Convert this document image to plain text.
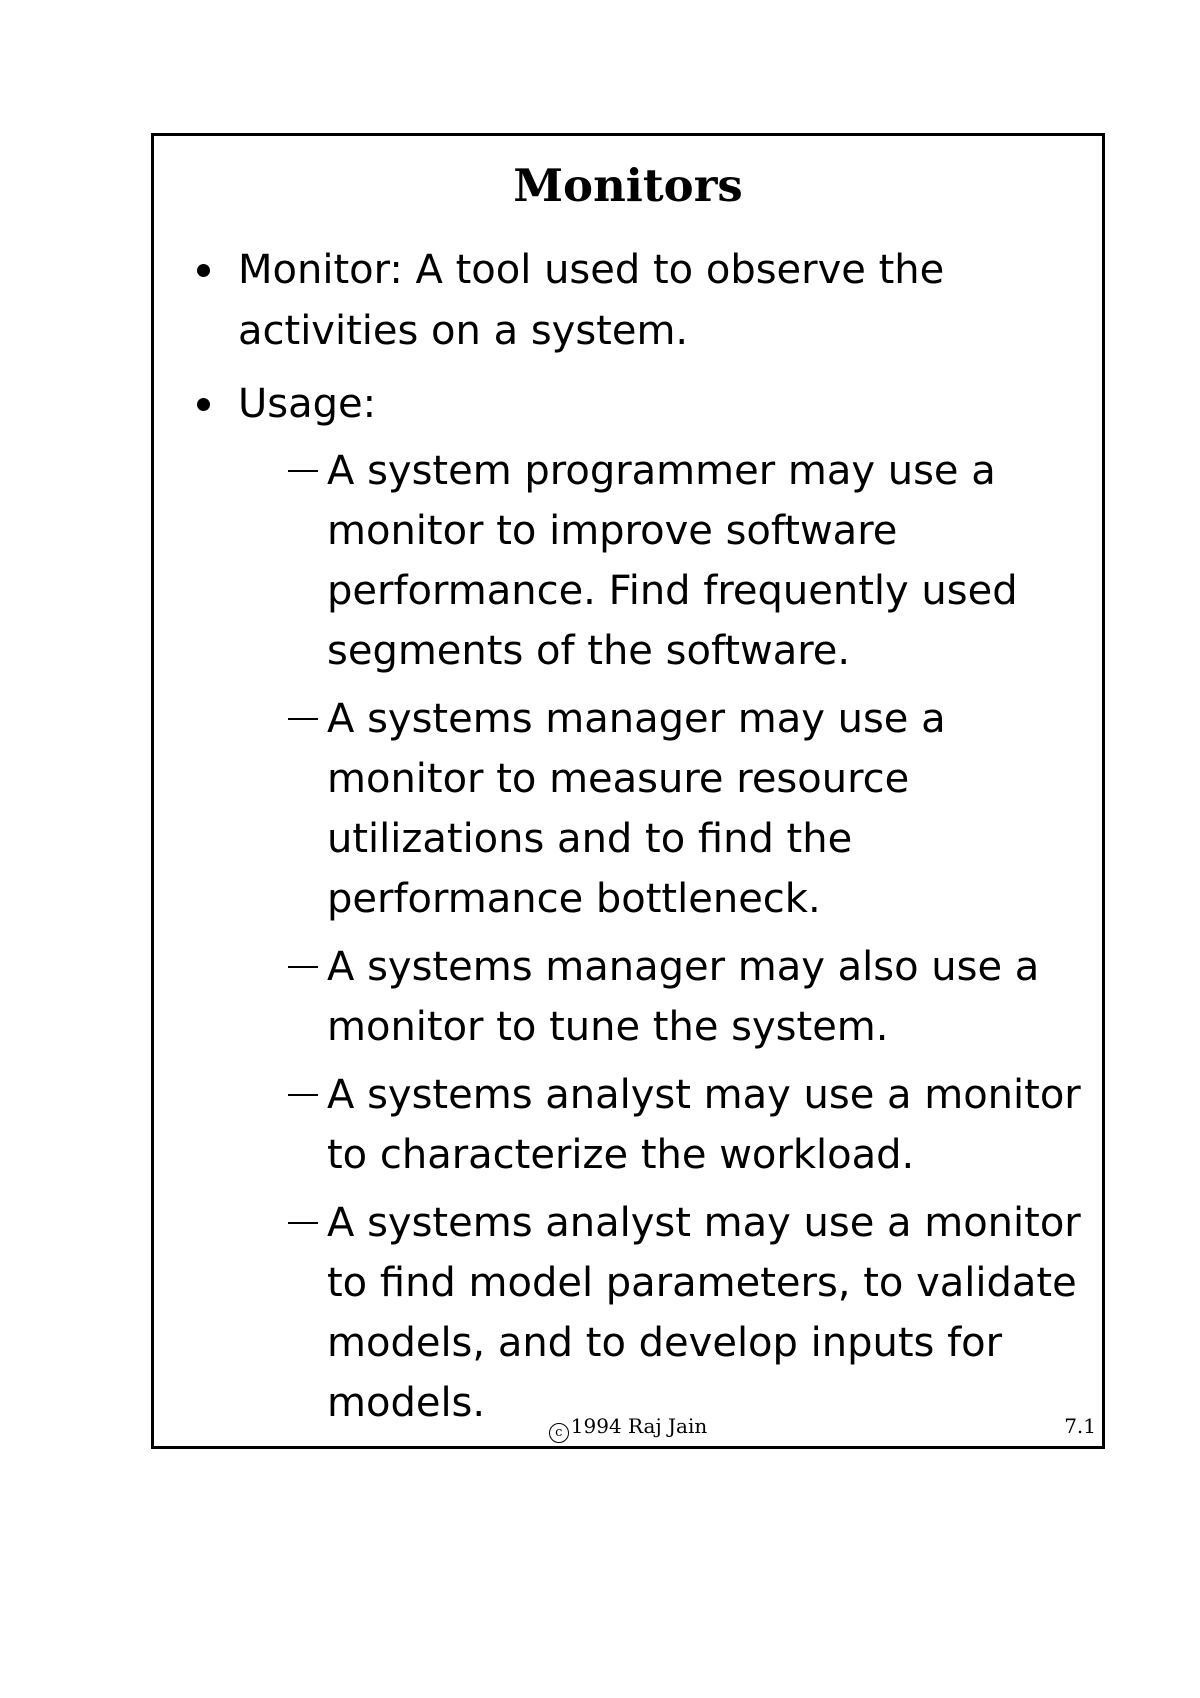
Monitors
Monitor: A tool used to observe the activities on a system.
Usage:
A system programmer may use a monitor to improve software performance. Find frequently used segments of the software.
A systems manager may use a monitor to measure resource utilizations and to find the performance bottleneck.
A systems manager may also use a monitor to tune the system.
A systems analyst may use a monitor to characterize the workload.
A systems analyst may use a monitor to find model parameters, to validate models, and to develop inputs for models.
c 1994 Raj Jain	7.1
